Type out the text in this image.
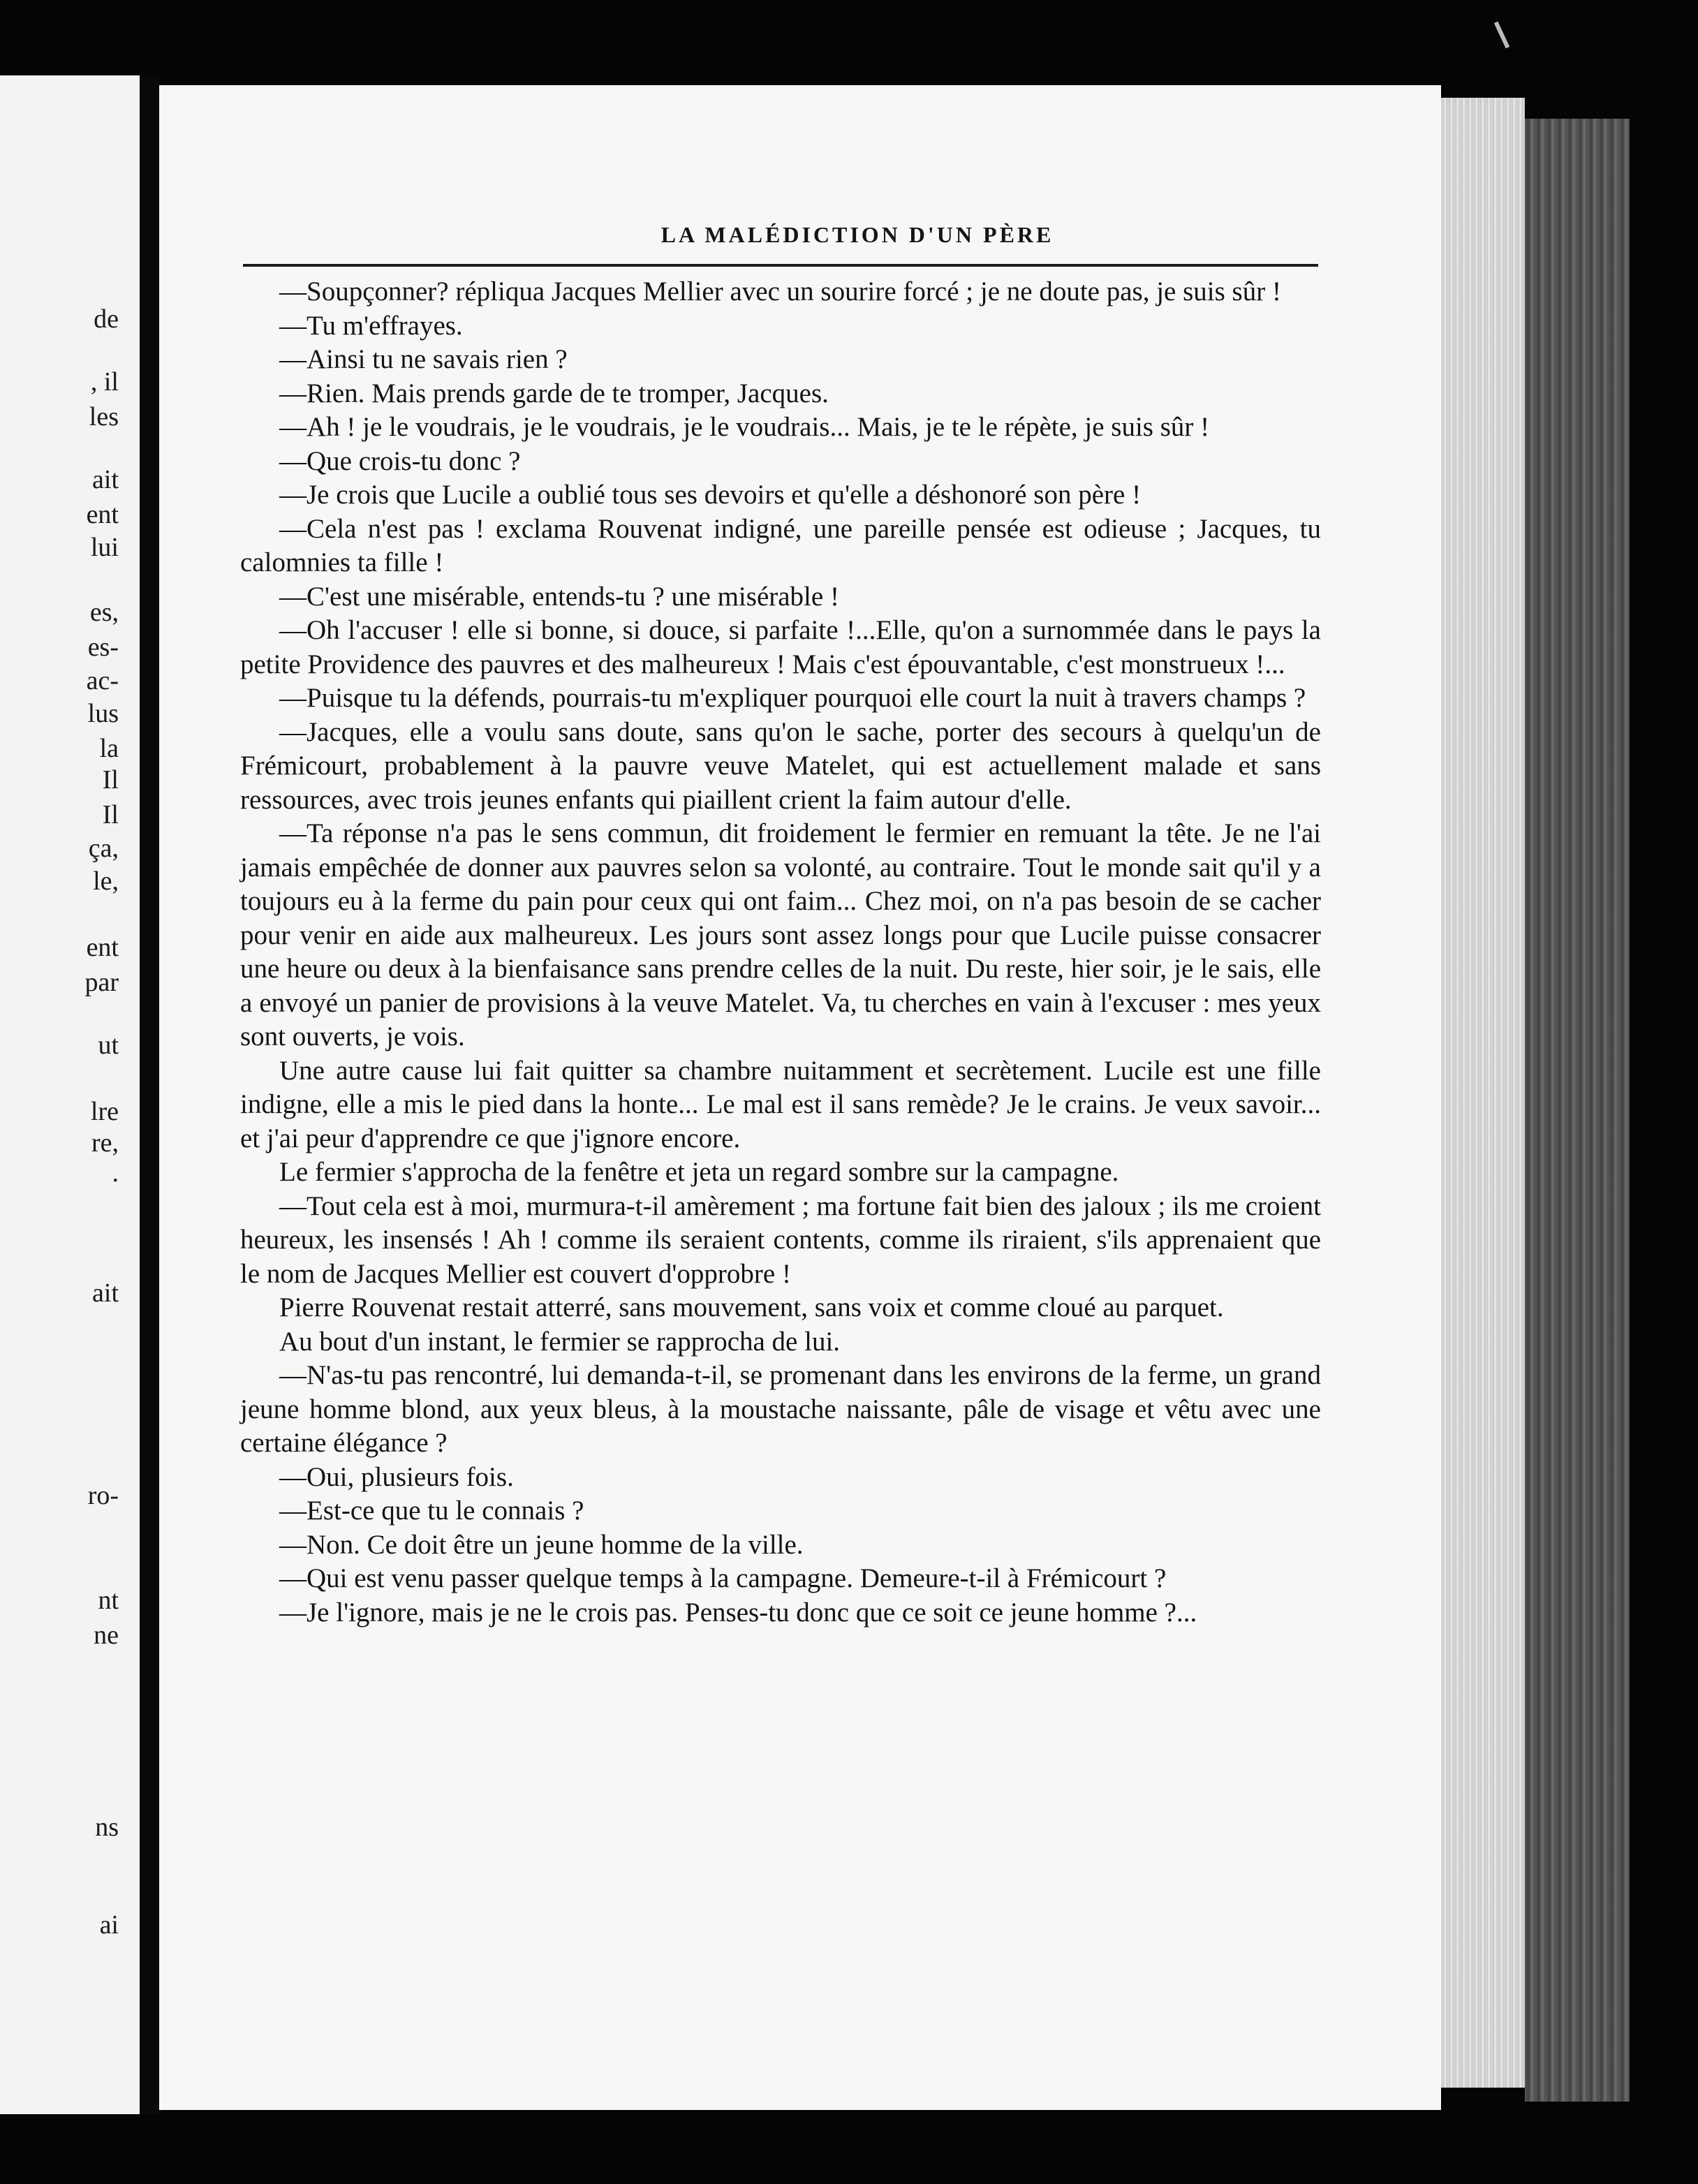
de
, il
les
ait
ent
lui
es,
es-
ac-
lus
la
Il
Il
ça,
le,
ent
par
ut
lre
re,
.
ait
ro-
nt
ne
ns
ai
LA MALÉDICTION D'UN PÈRE

—Soupçonner? répliqua Jacques Mellier avec un sourire forcé ; je ne doute pas, je suis sûr !

—Tu m'effrayes.

—Ainsi tu ne savais rien ?

—Rien. Mais prends garde de te tromper, Jacques.

—Ah ! je le voudrais, je le voudrais, je le voudrais... Mais, je te le répète, je suis sûr !

—Que crois-tu donc ?

—Je crois que Lucile a oublié tous ses devoirs et qu'elle a déshonoré son père !

—Cela n'est pas ! exclama Rouvenat indigné, une pareille pensée est odieuse ; Jacques, tu calomnies ta fille !

—C'est une misérable, entends-tu ? une misérable !

—Oh l'accuser ! elle si bonne, si douce, si parfaite !...Elle, qu'on a surnommée dans le pays la petite Providence des pauvres et des malheureux ! Mais c'est épouvantable, c'est monstrueux !...

—Puisque tu la défends, pourrais-tu m'expliquer pourquoi elle court la nuit à travers champs ?

—Jacques, elle a voulu sans doute, sans qu'on le sache, porter des secours à quelqu'un de Frémicourt, probablement à la pauvre veuve Matelet, qui est actuellement malade et sans ressources, avec trois jeunes enfants qui piaillent crient la faim autour d'elle.

—Ta réponse n'a pas le sens commun, dit froidement le fermier en remuant la tête. Je ne l'ai jamais empêchée de donner aux pauvres selon sa volonté, au contraire. Tout le monde sait qu'il y a toujours eu à la ferme du pain pour ceux qui ont faim... Chez moi, on n'a pas besoin de se cacher pour venir en aide aux malheureux. Les jours sont assez longs pour que Lucile puisse consacrer une heure ou deux à la bienfaisance sans prendre celles de la nuit. Du reste, hier soir, je le sais, elle a envoyé un panier de provisions à la veuve Matelet. Va, tu cherches en vain à l'excuser : mes yeux sont ouverts, je vois.

Une autre cause lui fait quitter sa chambre nuitamment et secrètement. Lucile est une fille indigne, elle a mis le pied dans la honte... Le mal est il sans remède? Je le crains. Je veux savoir... et j'ai peur d'apprendre ce que j'ignore encore.

Le fermier s'approcha de la fenêtre et jeta un regard sombre sur la campagne.

—Tout cela est à moi, murmura-t-il amèrement ; ma fortune fait bien des jaloux ; ils me croient heureux, les insensés ! Ah ! comme ils seraient contents, comme ils riraient, s'ils apprenaient que le nom de Jacques Mellier est couvert d'opprobre !

Pierre Rouvenat restait atterré, sans mouvement, sans voix et comme cloué au parquet.

Au bout d'un instant, le fermier se rapprocha de lui.

—N'as-tu pas rencontré, lui demanda-t-il, se promenant dans les environs de la ferme, un grand jeune homme blond, aux yeux bleus, à la moustache naissante, pâle de visage et vêtu avec une certaine élégance ?

—Oui, plusieurs fois.

—Est-ce que tu le connais ?

—Non. Ce doit être un jeune homme de la ville.

—Qui est venu passer quelque temps à la campagne. Demeure-t-il à Frémicourt ?

—Je l'ignore, mais je ne le crois pas. Penses-tu donc que ce soit ce jeune homme ?...
